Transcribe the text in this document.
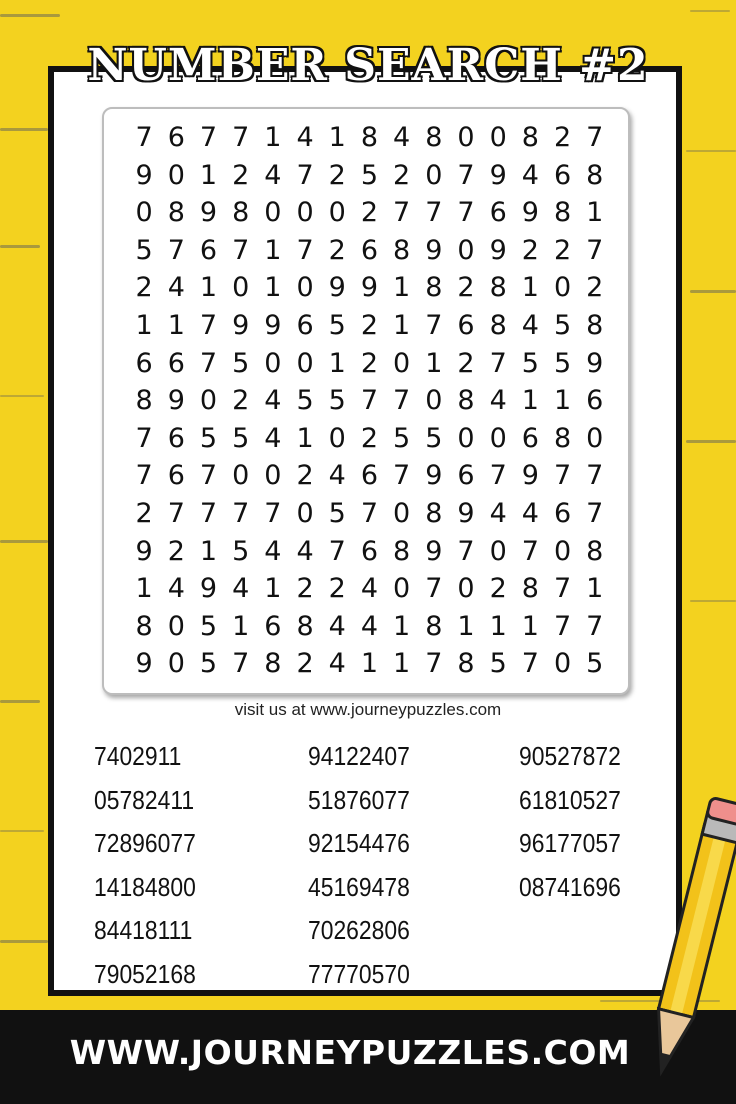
NUMBER SEARCH #2
7 6 7 7 1 4 1 8 4 8 0 0 8 2 7
9 0 1 2 4 7 2 5 2 0 7 9 4 6 8
0 8 9 8 0 0 0 2 7 7 7 6 9 8 1
5 7 6 7 1 7 2 6 8 9 0 9 2 2 7
2 4 1 0 1 0 9 9 1 8 2 8 1 0 2
1 1 7 9 9 6 5 2 1 7 6 8 4 5 8
6 6 7 5 0 0 1 2 0 1 2 7 5 5 9
8 9 0 2 4 5 5 7 7 0 8 4 1 1 6
7 6 5 5 4 1 0 2 5 5 0 0 6 8 0
7 6 7 0 0 2 4 6 7 9 6 7 9 7 7
2 7 7 7 7 0 5 7 0 8 9 4 4 6 7
9 2 1 5 4 4 7 6 8 9 7 0 7 0 8
1 4 9 4 1 2 2 4 0 7 0 2 8 7 1
8 0 5 1 6 8 4 4 1 8 1 1 1 7 7
9 0 5 7 8 2 4 1 1 7 8 5 7 0 5
visit us at www.journeypuzzles.com
7402911
05782411
72896077
14184800
84418111
79052168
94122407
51876077
92154476
45169478
70262806
77770570
90527872
61810527
96177057
08741696
WWW.JOURNEYPUZZLES.COM
